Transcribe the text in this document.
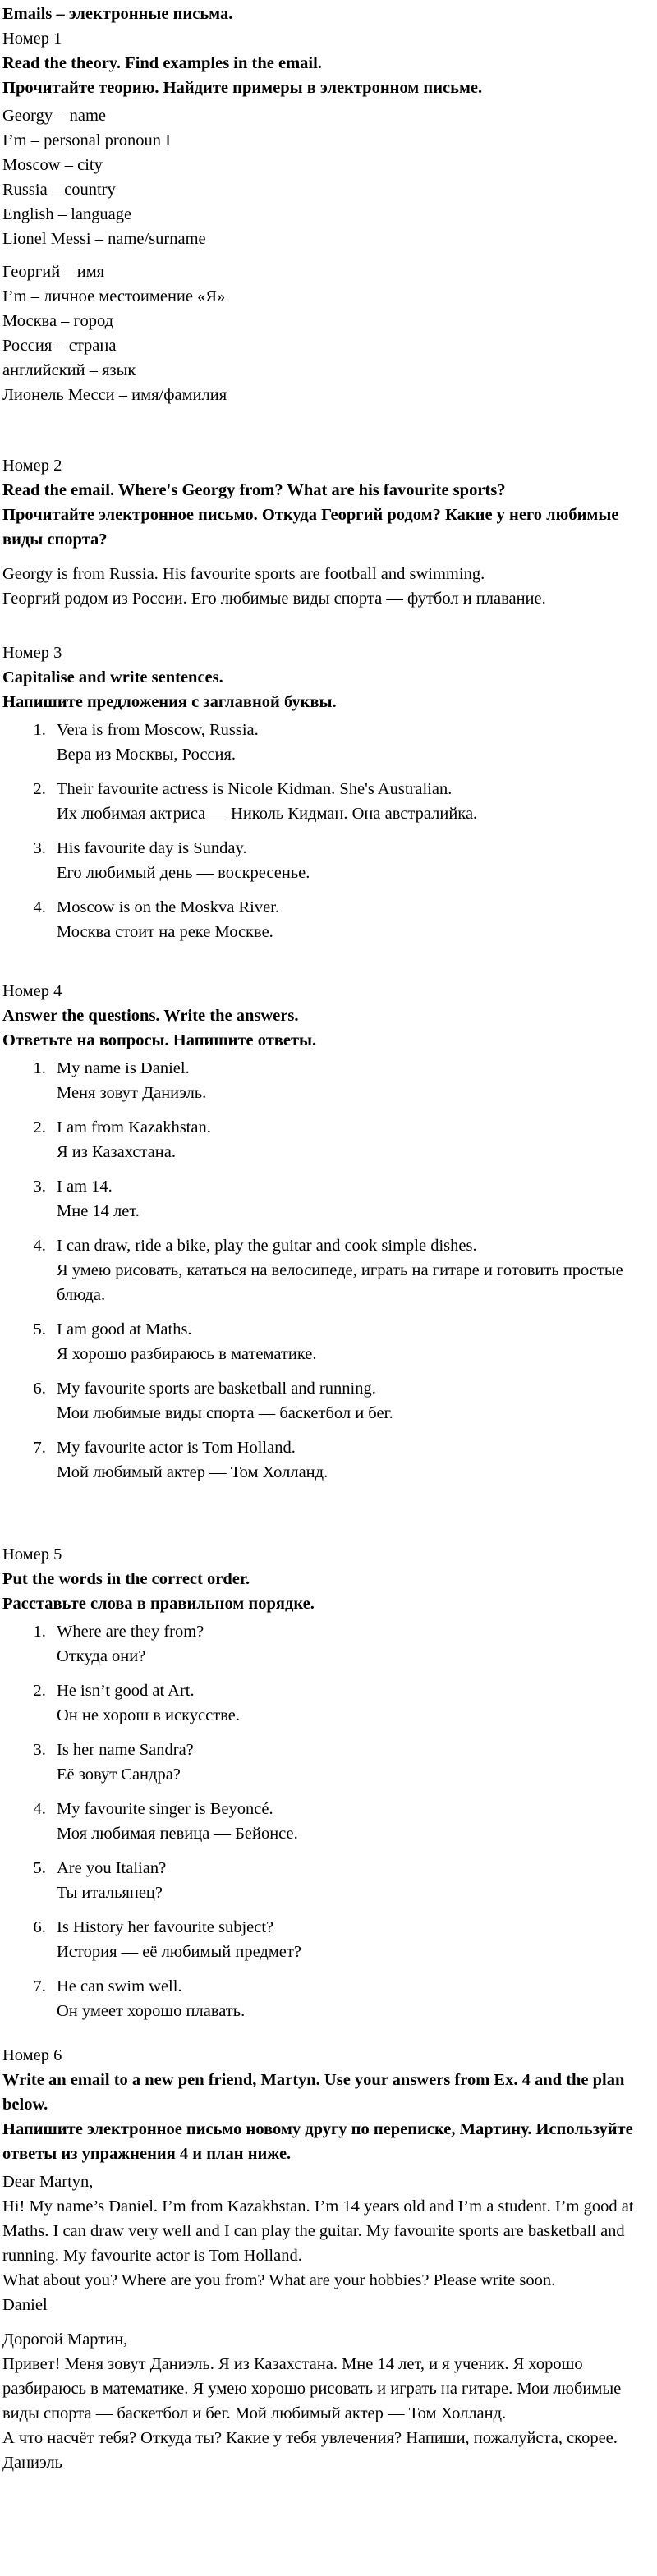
Emails – электронные письма.

Номер 1

Read the theory. Find examples in the email.

Прочитайте теорию. Найдите примеры в электронном письме.

Georgy – name

I’m – personal pronoun I

Moscow – city

Russia – country

English – language

Lionel Messi – name/surname

Георгий – имя

I’m – личное местоимение «Я»

Москва – город

Россия – страна

английский – язык

Лионель Месси – имя/фамилия

Номер 2

Read the email. Where's Georgy from? What are his favourite sports?

Прочитайте электронное письмо. Откуда Георгий родом? Какие у него любимые виды спорта?

Georgy is from Russia. His favourite sports are football and swimming.

Георгий родом из России. Его любимые виды спорта — футбол и плавание.

Номер 3

Capitalise and write sentences.

Напишите предложения с заглавной буквы.

1. Vera is from Moscow, Russia.

Вера из Москвы, Россия.

2. Their favourite actress is Nicole Kidman. She's Australian.

Их любимая актриса — Николь Кидман. Она австралийка.

3. His favourite day is Sunday.

Его любимый день — воскресенье.

4. Moscow is on the Moskva River.

Москва стоит на реке Москве.

Номер 4

Answer the questions. Write the answers.

Ответьте на вопросы. Напишите ответы.

1. My name is Daniel.

Меня зовут Даниэль.

2. I am from Kazakhstan.

Я из Казахстана.

3. I am 14.

Мне 14 лет.

4. I can draw, ride a bike, play the guitar and cook simple dishes.

Я умею рисовать, кататься на велосипеде, играть на гитаре и готовить простые блюда.

5. I am good at Maths.

Я хорошо разбираюсь в математике.

6. My favourite sports are basketball and running.

Мои любимые виды спорта — баскетбол и бег.

7. My favourite actor is Tom Holland.

Мой любимый актер — Том Холланд.

Номер 5

Put the words in the correct order.

Расставьте слова в правильном порядке.

1. Where are they from?

Откуда они?

2. He isn’t good at Art.

Он не хорош в искусстве.

3. Is her name Sandra?

Её зовут Сандра?

4. My favourite singer is Beyoncé.

Моя любимая певица — Бейонсе.

5. Are you Italian?

Ты итальянец?

6. Is History her favourite subject?

История — её любимый предмет?

7. He can swim well.

Он умеет хорошо плавать.

Номер 6

Write an email to a new pen friend, Martyn. Use your answers from Ex. 4 and the plan below.

Напишите электронное письмо новому другу по переписке, Мартину. Используйте ответы из упражнения 4 и план ниже.

Dear Martyn,

Hi! My name’s Daniel. I’m from Kazakhstan. I’m 14 years old and I’m a student. I’m good at Maths. I can draw very well and I can play the guitar. My favourite sports are basketball and running. My favourite actor is Tom Holland.

What about you? Where are you from? What are your hobbies? Please write soon.

Daniel

Дорогой Мартин,

Привет! Меня зовут Даниэль. Я из Казахстана. Мне 14 лет, и я ученик. Я хорошо разбираюсь в математике. Я умею хорошо рисовать и играть на гитаре. Мои любимые виды спорта — баскетбол и бег. Мой любимый актер — Том Холланд.

А что насчёт тебя? Откуда ты? Какие у тебя увлечения? Напиши, пожалуйста, скорее.

Даниэль
